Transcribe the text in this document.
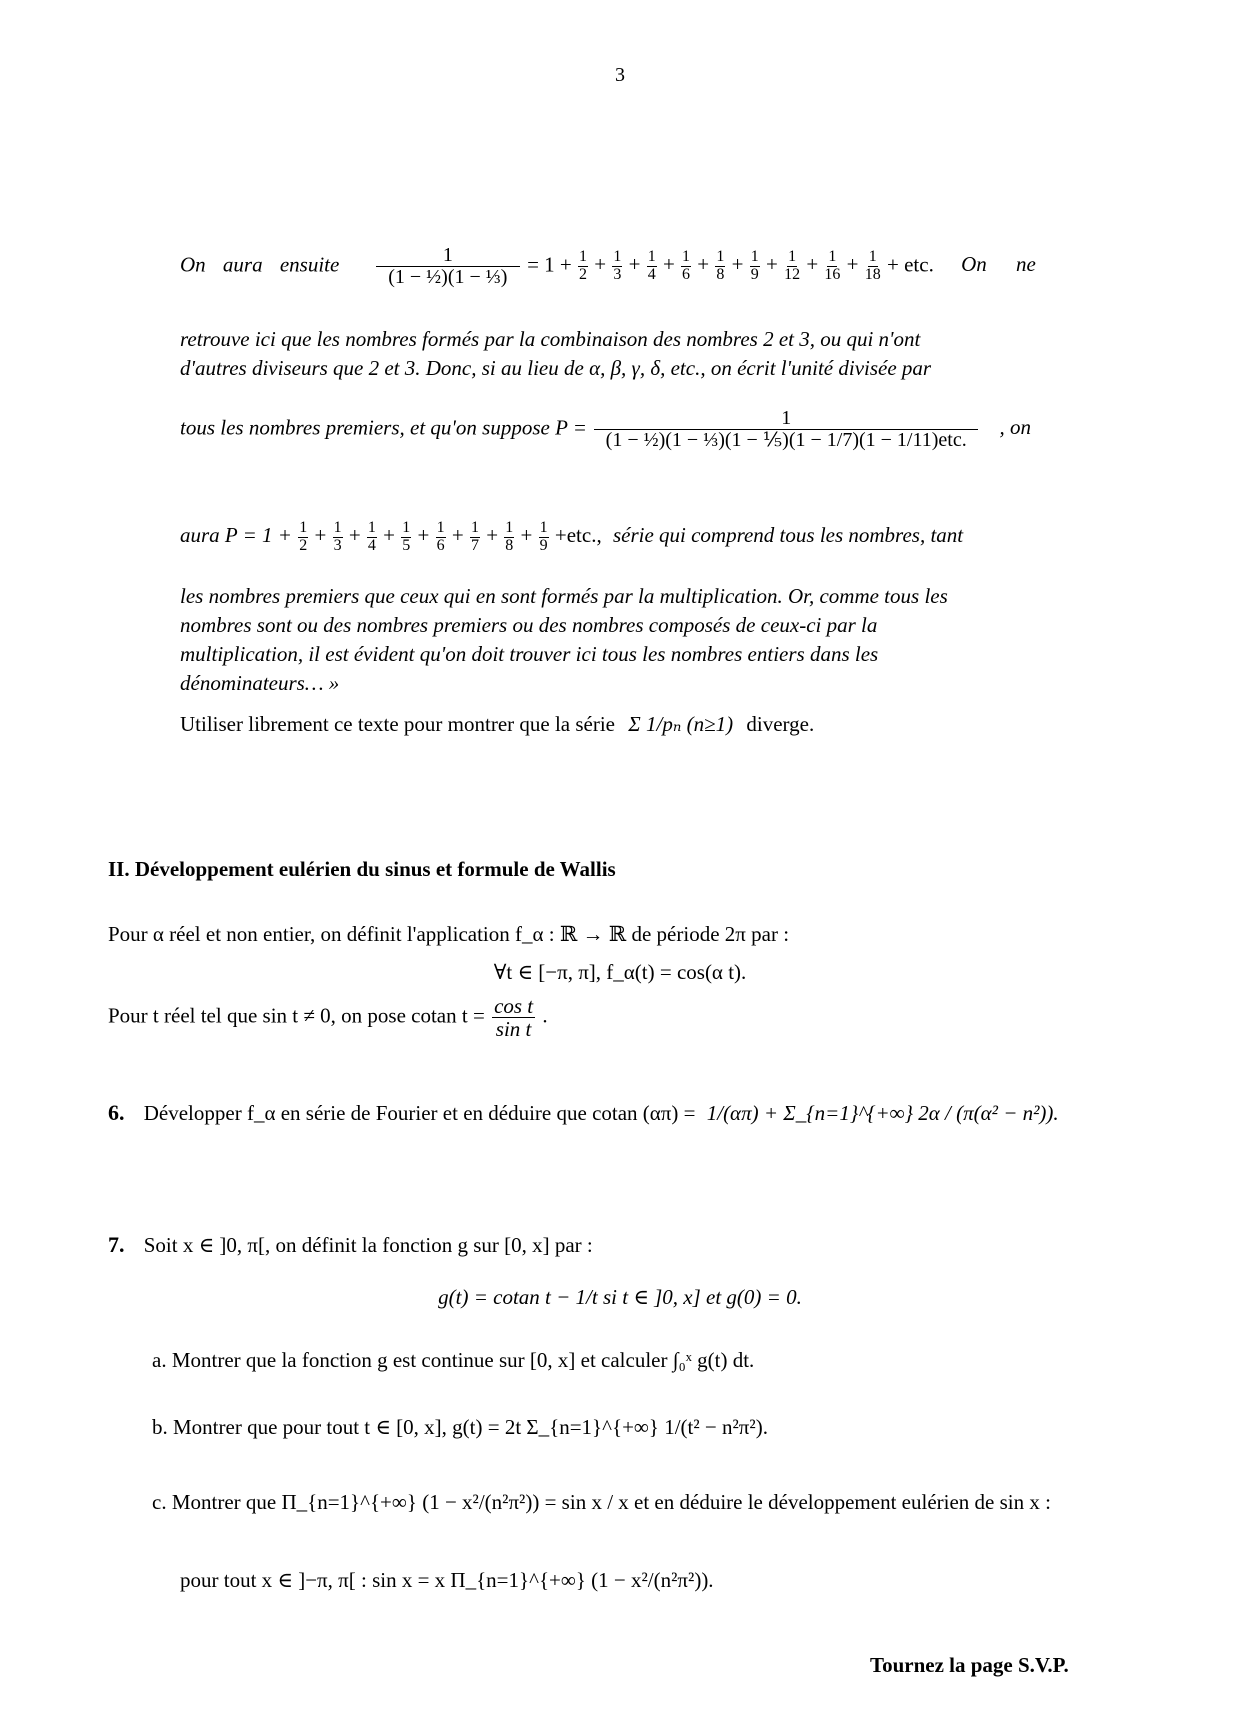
3
On aura ensuite $\frac{1}{\text{(1 − ½)(1 − ⅓)}} = 1 + \frac{1}{2} + \frac{1}{3} + \frac{1}{4} + \frac{1}{6} + \frac{1}{8} + \frac{1}{9} + \frac{1}{12} + \frac{1}{16} + \frac{1}{18}$ + etc. On ne
retrouve ici que les nombres formés par la combinaison des nombres 2 et 3, ou qui n'ont
d'autres diviseurs que 2 et 3. Donc, si au lieu de α, β, γ, δ, etc., on écrit l'unité divisée par
tous les nombres premiers, et qu'on suppose $P = \frac{1}{\text{(1 − ½)(1 − ⅓)(1 − ⅕)(1 − 1/7)(1 − 1/11)etc.}}$ , on
aura $P = 1 + \frac{1}{2} + \frac{1}{3} + \frac{1}{4} + \frac{1}{5} + \frac{1}{6} + \frac{1}{7} + \frac{1}{8} + \frac{1}{9} +etc$., série qui comprend tous les nombres, tant
les nombres premiers que ceux qui en sont formés par la multiplication. Or, comme tous les
nombres sont ou des nombres premiers ou des nombres composés de ceux-ci par la
multiplication, il est évident qu'on doit trouver ici tous les nombres entiers dans les
dénominateurs… »
Utiliser librement ce texte pour montrer que la série Σ 1/pₙ (n≥1) diverge.
II. Développement eulérien du sinus et formule de Wallis
Pour α réel et non entier, on définit l'application f_α : ℝ → ℝ de période 2π par :
∀t ∈ [−π, π], f_α(t) = cos(α t).
Pour t réel tel que sin t ≠ 0, on pose cotan $t = \frac{\text{cos t}}{\text{sin t}}$ .
6. Développer f_α en série de Fourier et en déduire que cotan (απ) = 1/(απ) + Σ_{n=1}^{+∞} 2α / (π(α² − n²)).
7. Soit x ∈ ]0, π[, on définit la fonction g sur [0, x] par :
g(t) = cotan t − 1/t si t ∈ ]0, x] et g(0) = 0.
a. Montrer que la fonction g est continue sur [0, x] et calculer ∫₀ˣ g(t) dt.
b. Montrer que pour tout t ∈ [0, x], g(t) = 2t Σ_{n=1}^{+∞} 1/(t² − n²π²).
c. Montrer que Π_{n=1}^{+∞} (1 − x²/(n²π²)) = sin x / x et en déduire le développement eulérien de sin x :
pour tout x ∈ ]−π, π[ : sin x = x Π_{n=1}^{+∞} (1 − x²/(n²π²)).
Tournez la page S.V.P.
